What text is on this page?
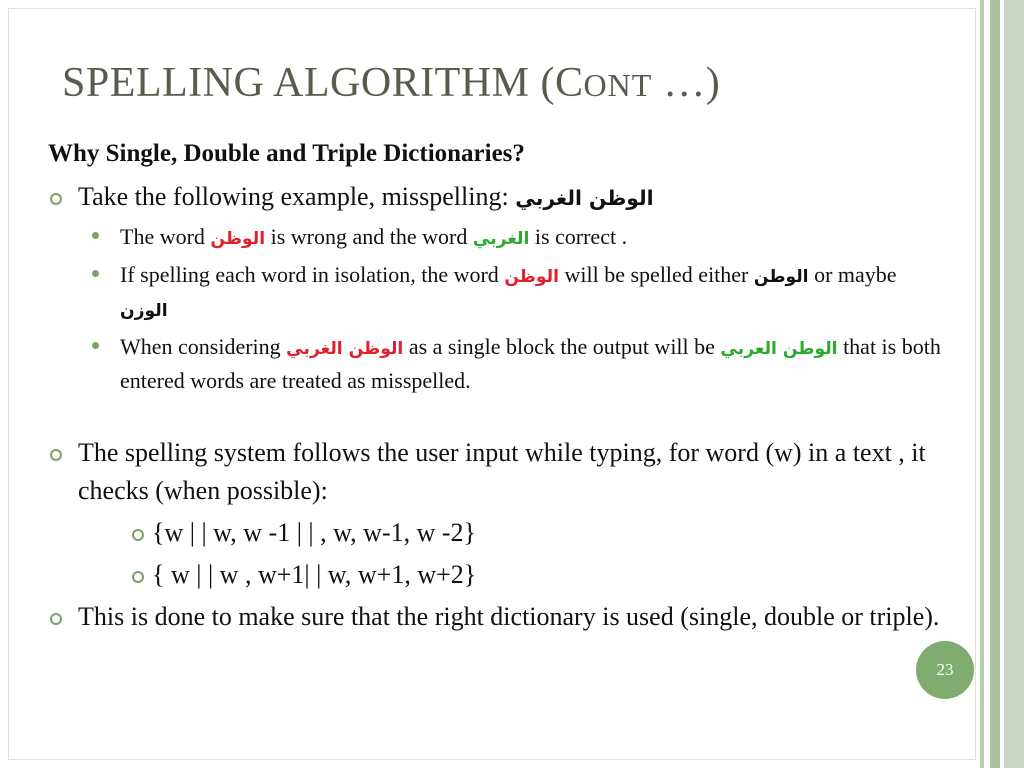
SPELLING ALGORITHM (CONT …)
Why Single, Double and Triple Dictionaries?
Take the following example, misspelling: الوظن الغربي
The word الوظن is wrong and the word الغربي is correct .
If spelling each word in isolation, the word الوظن will be spelled either الوطن or maybe الوزن
When considering الوظن الغربي as a single block the output will be الوطن العربي that is both entered words are treated as misspelled.
The spelling system follows the user input while typing, for word (w) in a text , it checks (when possible):
{w | | w, w -1 | | , w, w-1, w -2}
{ w | | w , w+1| | w, w+1, w+2}
This is done to make sure that the right dictionary is used (single, double or triple).
23
